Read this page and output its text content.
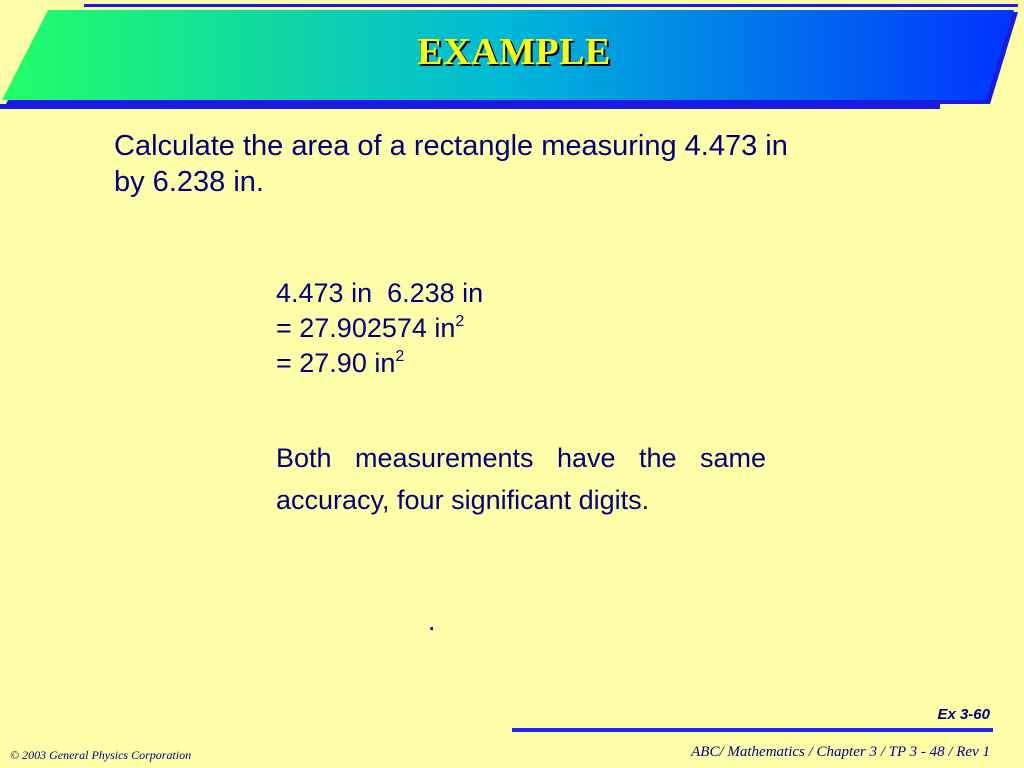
EXAMPLE
Calculate the area of a rectangle measuring 4.473 in
by 6.238 in.
4.473 in  6.238 in
= 27.902574 $in^2$
= 27.90 $in^2$
Both measurements have the same accuracy, four significant digits.
.
Ex 3-60
ABC/ Mathematics / Chapter 3 / TP 3 - 48 / Rev 1
© 2003 General Physics Corporation
